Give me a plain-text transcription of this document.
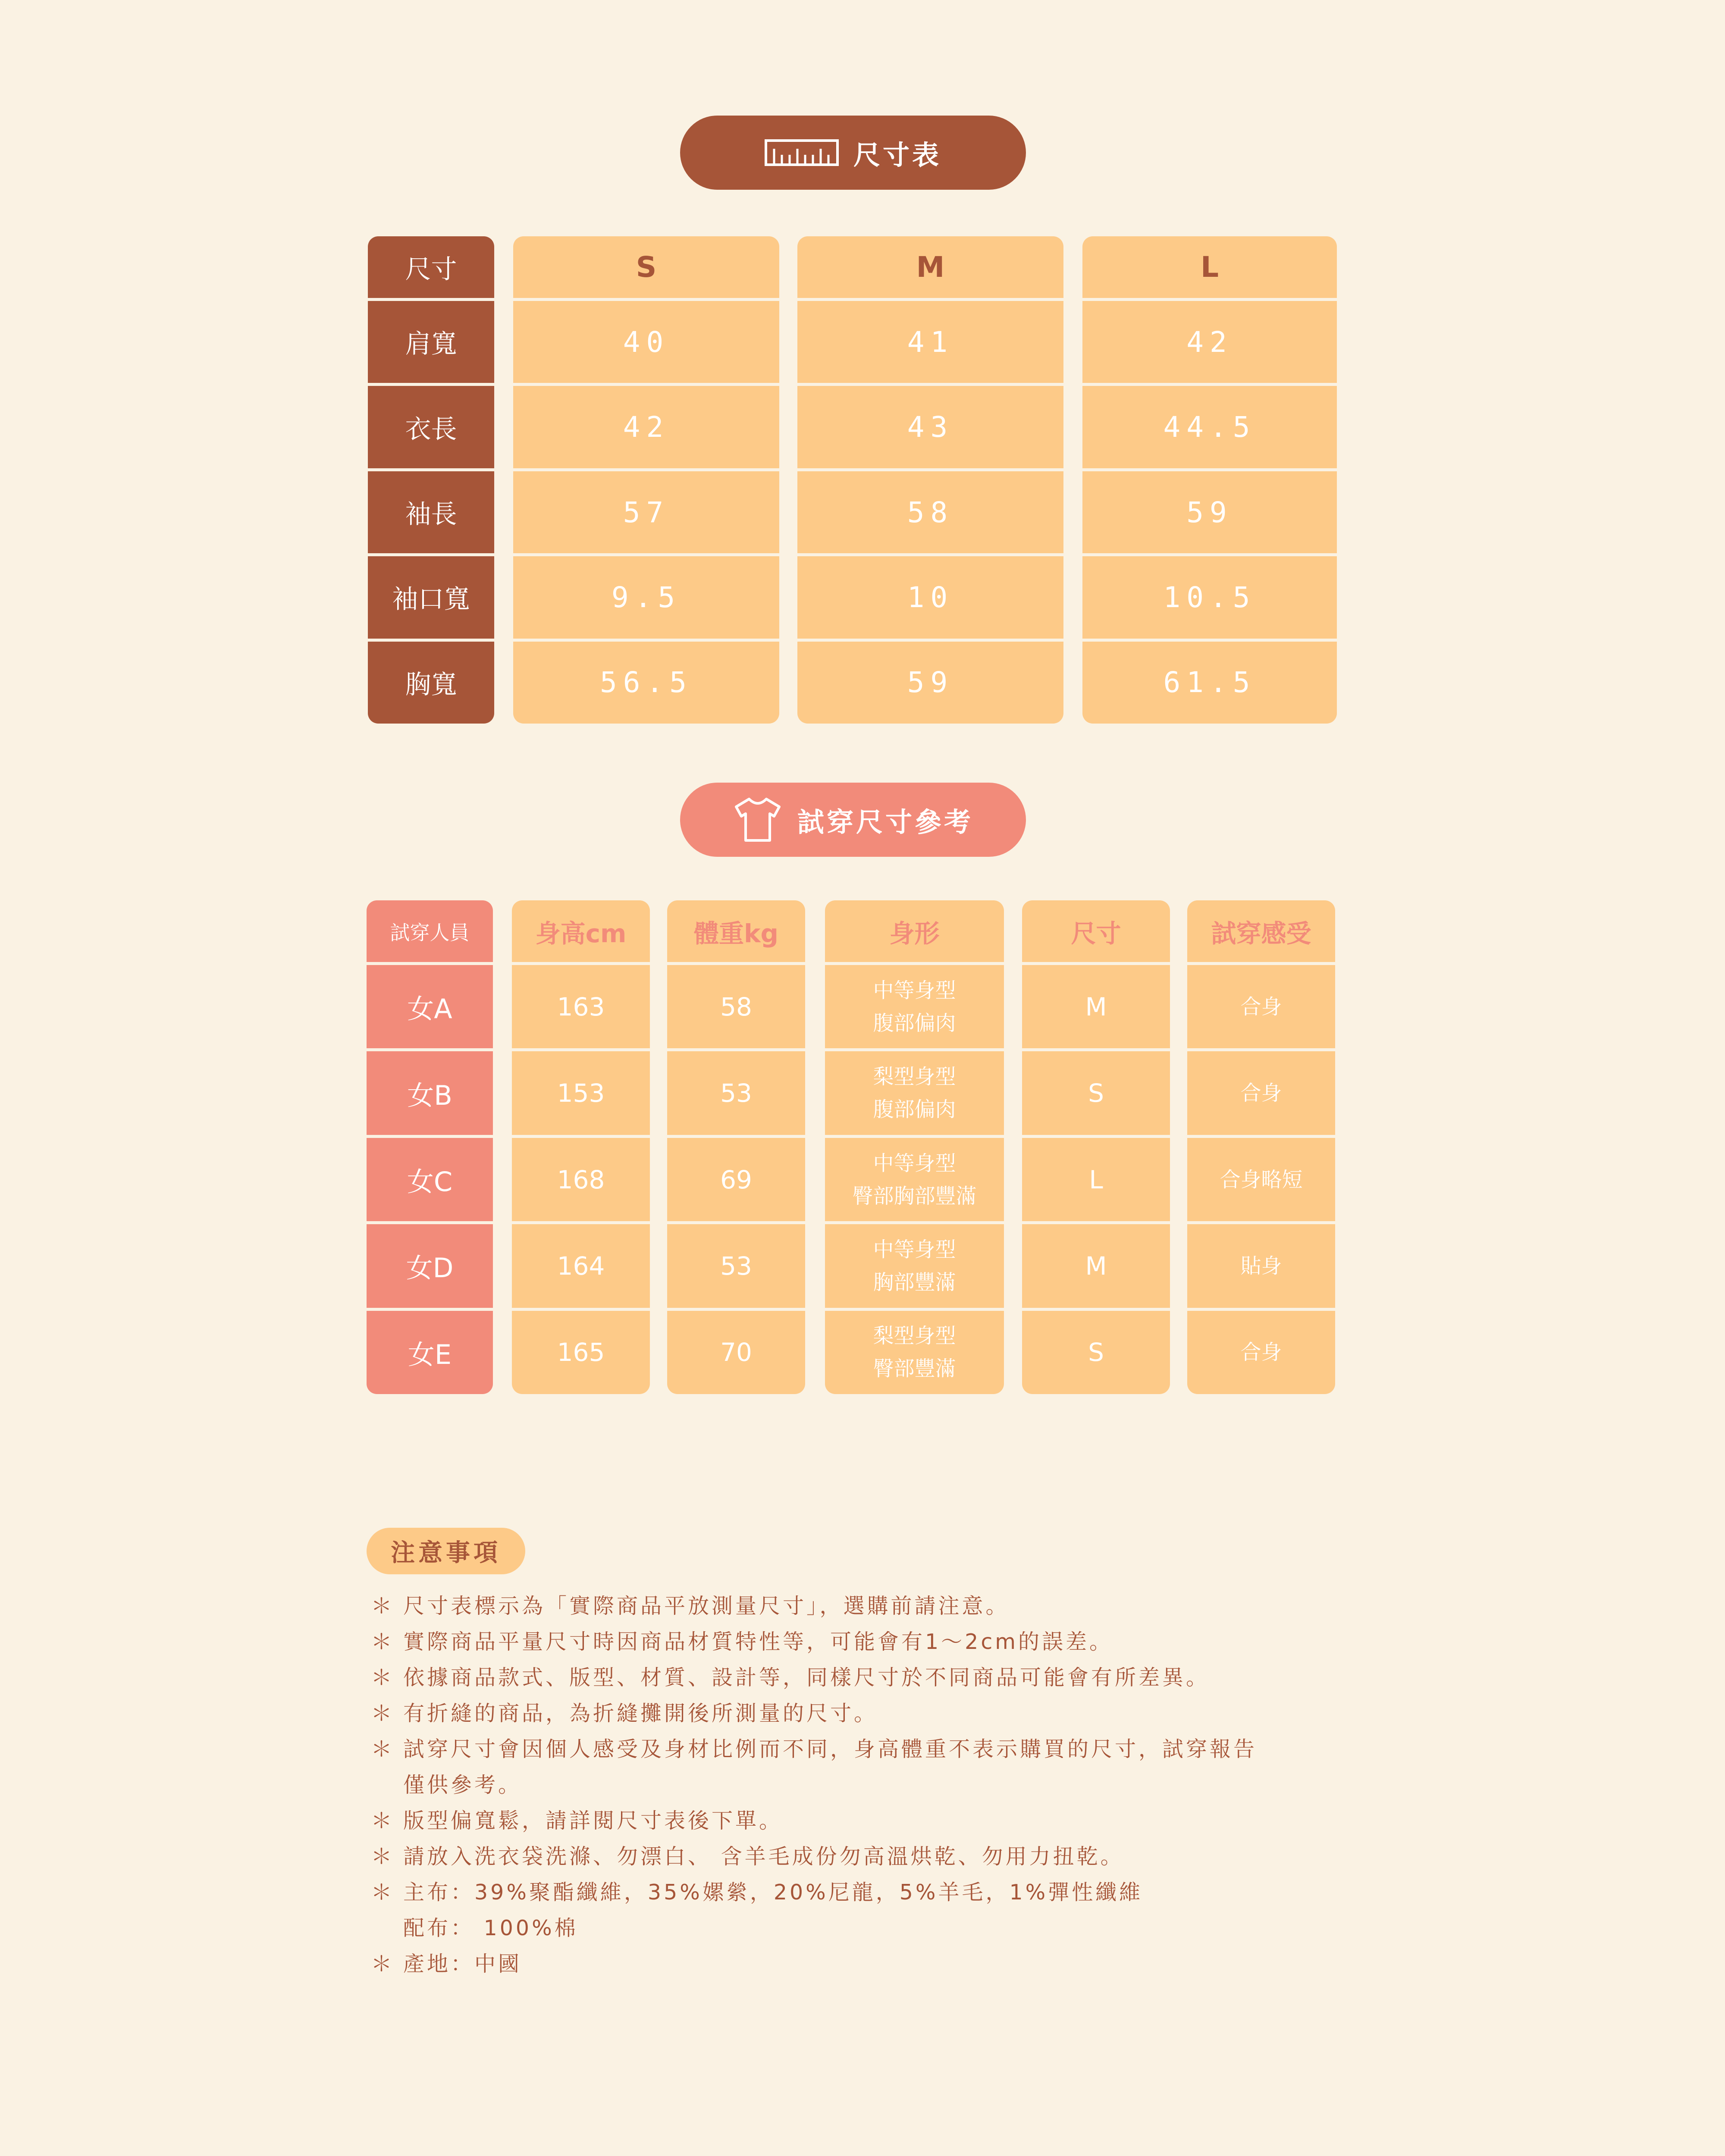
尺寸表
尺寸
肩寬
衣長
袖長
袖口寬
胸寬
S
40
42
57
9.5
56.5
M
41
43
58
10
59
L
42
44.5
59
10.5
61.5
試穿尺寸參考
試穿人員
女A
女B
女C
女D
女E
身高cm
163
153
168
164
165
體重kg
58
53
69
53
70
身形
中等身型
腹部偏肉
梨型身型
腹部偏肉
中等身型
臀部胸部豐滿
中等身型
胸部豐滿
梨型身型
臀部豐滿
尺寸
M
S
L
M
S
試穿感受
合身
合身
合身略短
貼身
合身
注意事項
＊ 尺寸表標示為「實際商品平放測量尺寸」，選購前請注意。
＊ 實際商品平量尺寸時因商品材質特性等，可能會有1～2cm的誤差。
＊ 依據商品款式、版型、材質、設計等，同樣尺寸於不同商品可能會有所差異。
＊ 有折縫的商品，為折縫攤開後所測量的尺寸。
＊ 試穿尺寸會因個人感受及身材比例而不同，身高體重不表示購買的尺寸，試穿報告
僅供參考。
＊ 版型偏寬鬆，請詳閱尺寸表後下單。
＊ 請放入洗衣袋洗滌、勿漂白、 含羊毛成份勿高溫烘乾、勿用力扭乾。
＊ 主布：39%聚酯纖維，35%嫘縈，20%尼龍，5%羊毛，1%彈性纖維
配布： 100%棉
＊ 產地：中國
